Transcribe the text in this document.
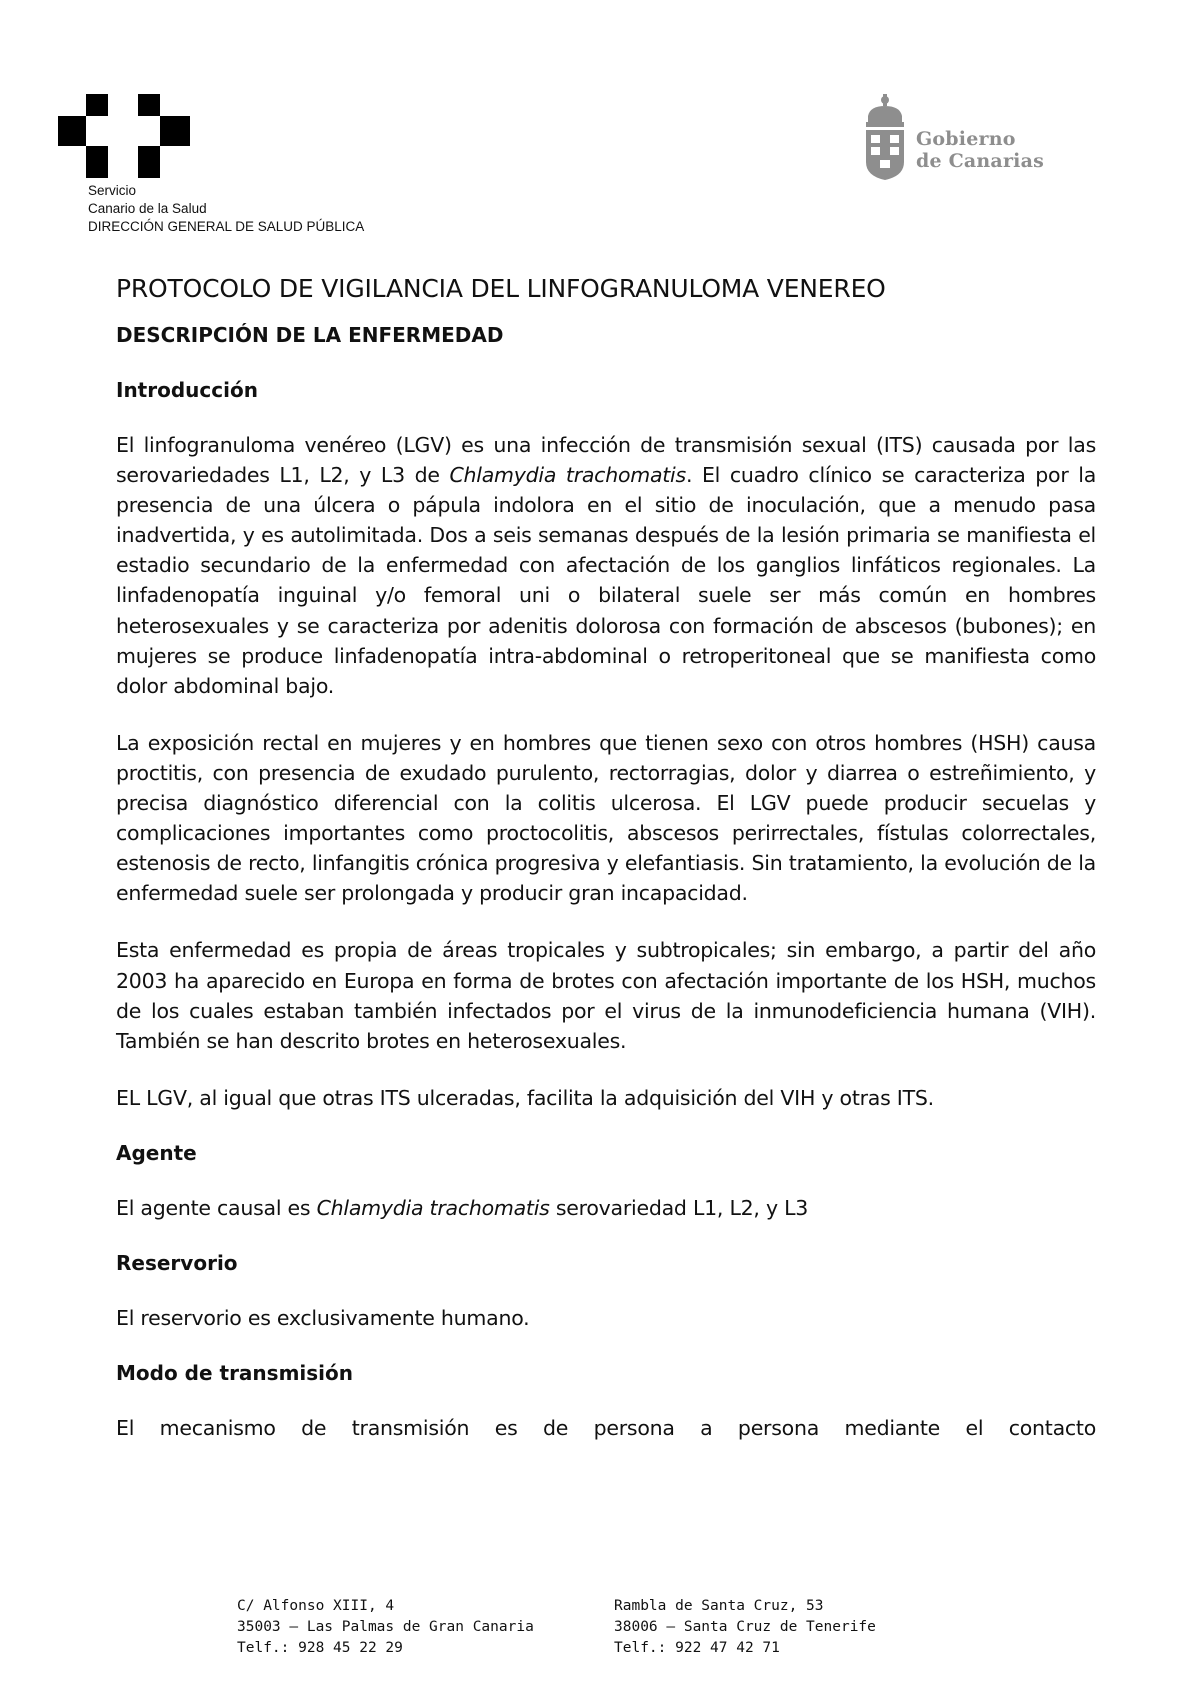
Servicio
Canario de la Salud
DIRECCIÓN GENERAL DE SALUD PÚBLICA
Gobierno
de Canarias
PROTOCOLO DE VIGILANCIA DEL LINFOGRANULOMA VENEREO
DESCRIPCIÓN DE LA ENFERMEDAD
Introducción

El linfogranuloma venéreo (LGV) es una infección de transmisión sexual (ITS) causada por las serovariedades L1, L2, y L3 de Chlamydia trachomatis. El cuadro clínico se caracteriza por la presencia de una úlcera o pápula indolora en el sitio de inoculación, que a menudo pasa inadvertida, y es autolimitada. Dos a seis semanas después de la lesión primaria se manifiesta el estadio secundario de la enfermedad con afectación de los ganglios linfáticos regionales. La linfadenopatía inguinal y/o femoral uni o bilateral suele ser más común en hombres heterosexuales y se caracteriza por adenitis dolorosa con formación de abscesos (bubones); en mujeres se produce linfadenopatía intra-abdominal o retroperitoneal que se manifiesta como dolor abdominal bajo.

La exposición rectal en mujeres y en hombres que tienen sexo con otros hombres (HSH) causa proctitis, con presencia de exudado purulento, rectorragias, dolor y diarrea o estreñimiento, y precisa diagnóstico diferencial con la colitis ulcerosa. El LGV puede producir secuelas y complicaciones importantes como proctocolitis, abscesos perirrectales, fístulas colorrectales, estenosis de recto, linfangitis crónica progresiva y elefantiasis. Sin tratamiento, la evolución de la enfermedad suele ser prolongada y producir gran incapacidad.

Esta enfermedad es propia de áreas tropicales y subtropicales; sin embargo, a partir del año 2003 ha aparecido en Europa en forma de brotes con afectación importante de los HSH, muchos de los cuales estaban también infectados por el virus de la inmunodeficiencia humana (VIH). También se han descrito brotes en heterosexuales.

EL LGV, al igual que otras ITS ulceradas, facilita la adquisición del VIH y otras ITS.

Agente

El agente causal es Chlamydia trachomatis serovariedad L1, L2, y L3

Reservorio

El reservorio es exclusivamente humano.

Modo de transmisión

El mecanismo de transmisión es de persona a persona mediante el contacto

C/ Alfonso XIII, 4
35003 – Las Palmas de Gran Canaria
Telf.: 928 45 22 29
Rambla de Santa Cruz, 53
38006 – Santa Cruz de Tenerife
Telf.: 922 47 42 71
